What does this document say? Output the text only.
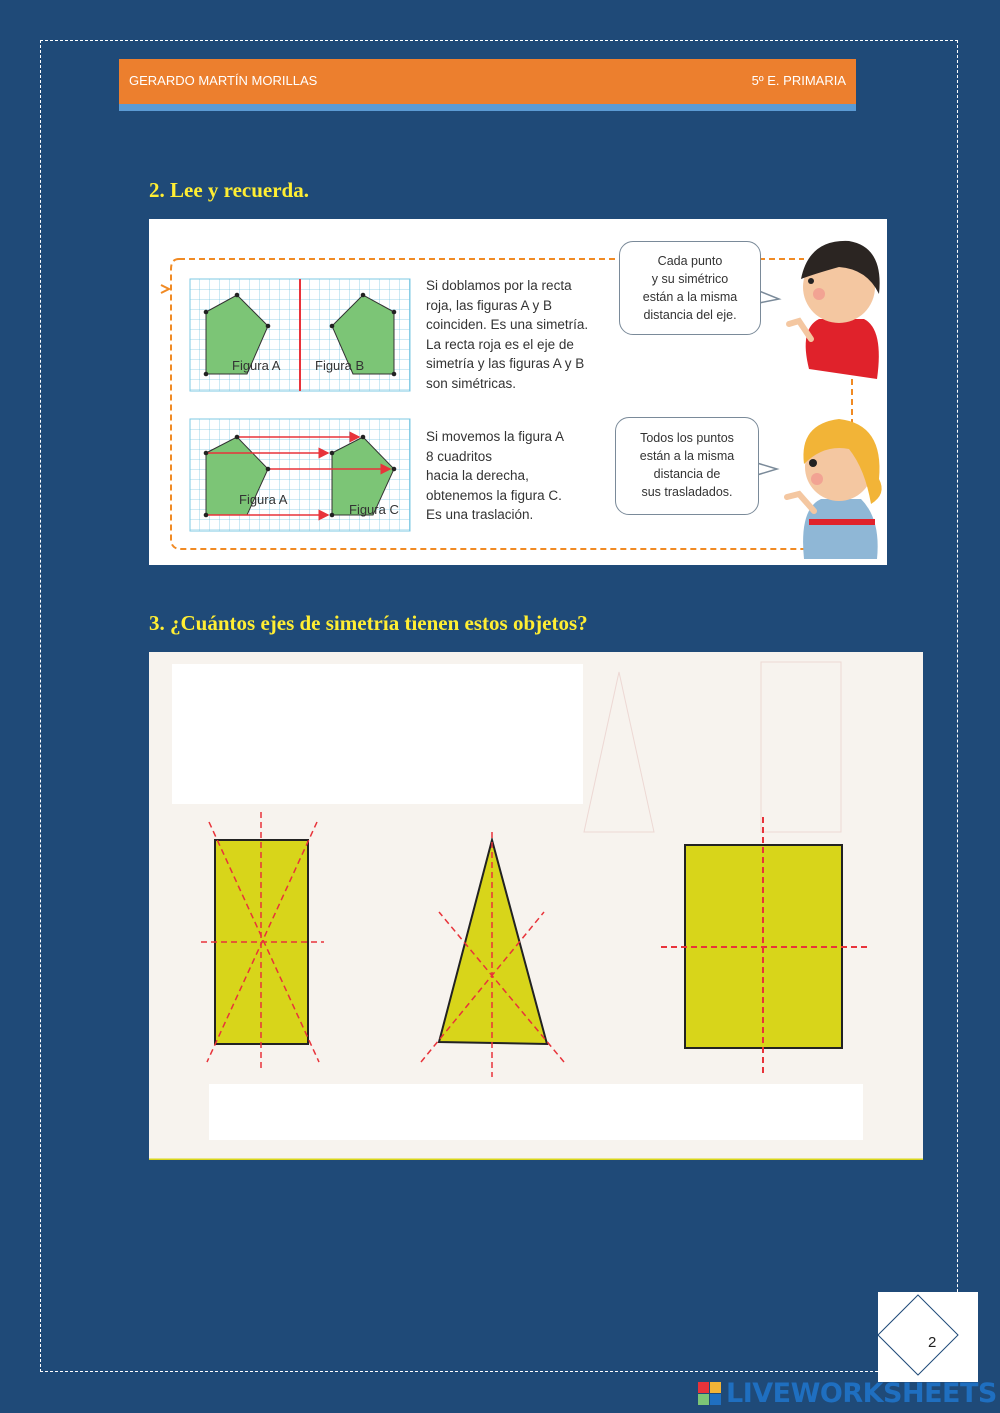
GERARDO MARTÍN MORILLAS	5º E. PRIMARIA
2. Lee y recuerda.
Figura A	Figura B
Figura A
Figura C
Si doblamos por la recta
roja, las figuras A y B
coinciden. Es una simetría.
La recta roja es el eje de
simetría y las figuras A y B
son simétricas.
Si movemos la figura A
8 cuadritos
hacia la derecha,
obtenemos la figura C.
Es una traslación.
Cada punto
y su simétrico
están a la misma
distancia del eje.
Todos los puntos
están a la misma
distancia de
sus trasladados.
3. ¿Cuántos ejes de simetría tienen estos objetos?
2
LIVEWORKSHEETS
